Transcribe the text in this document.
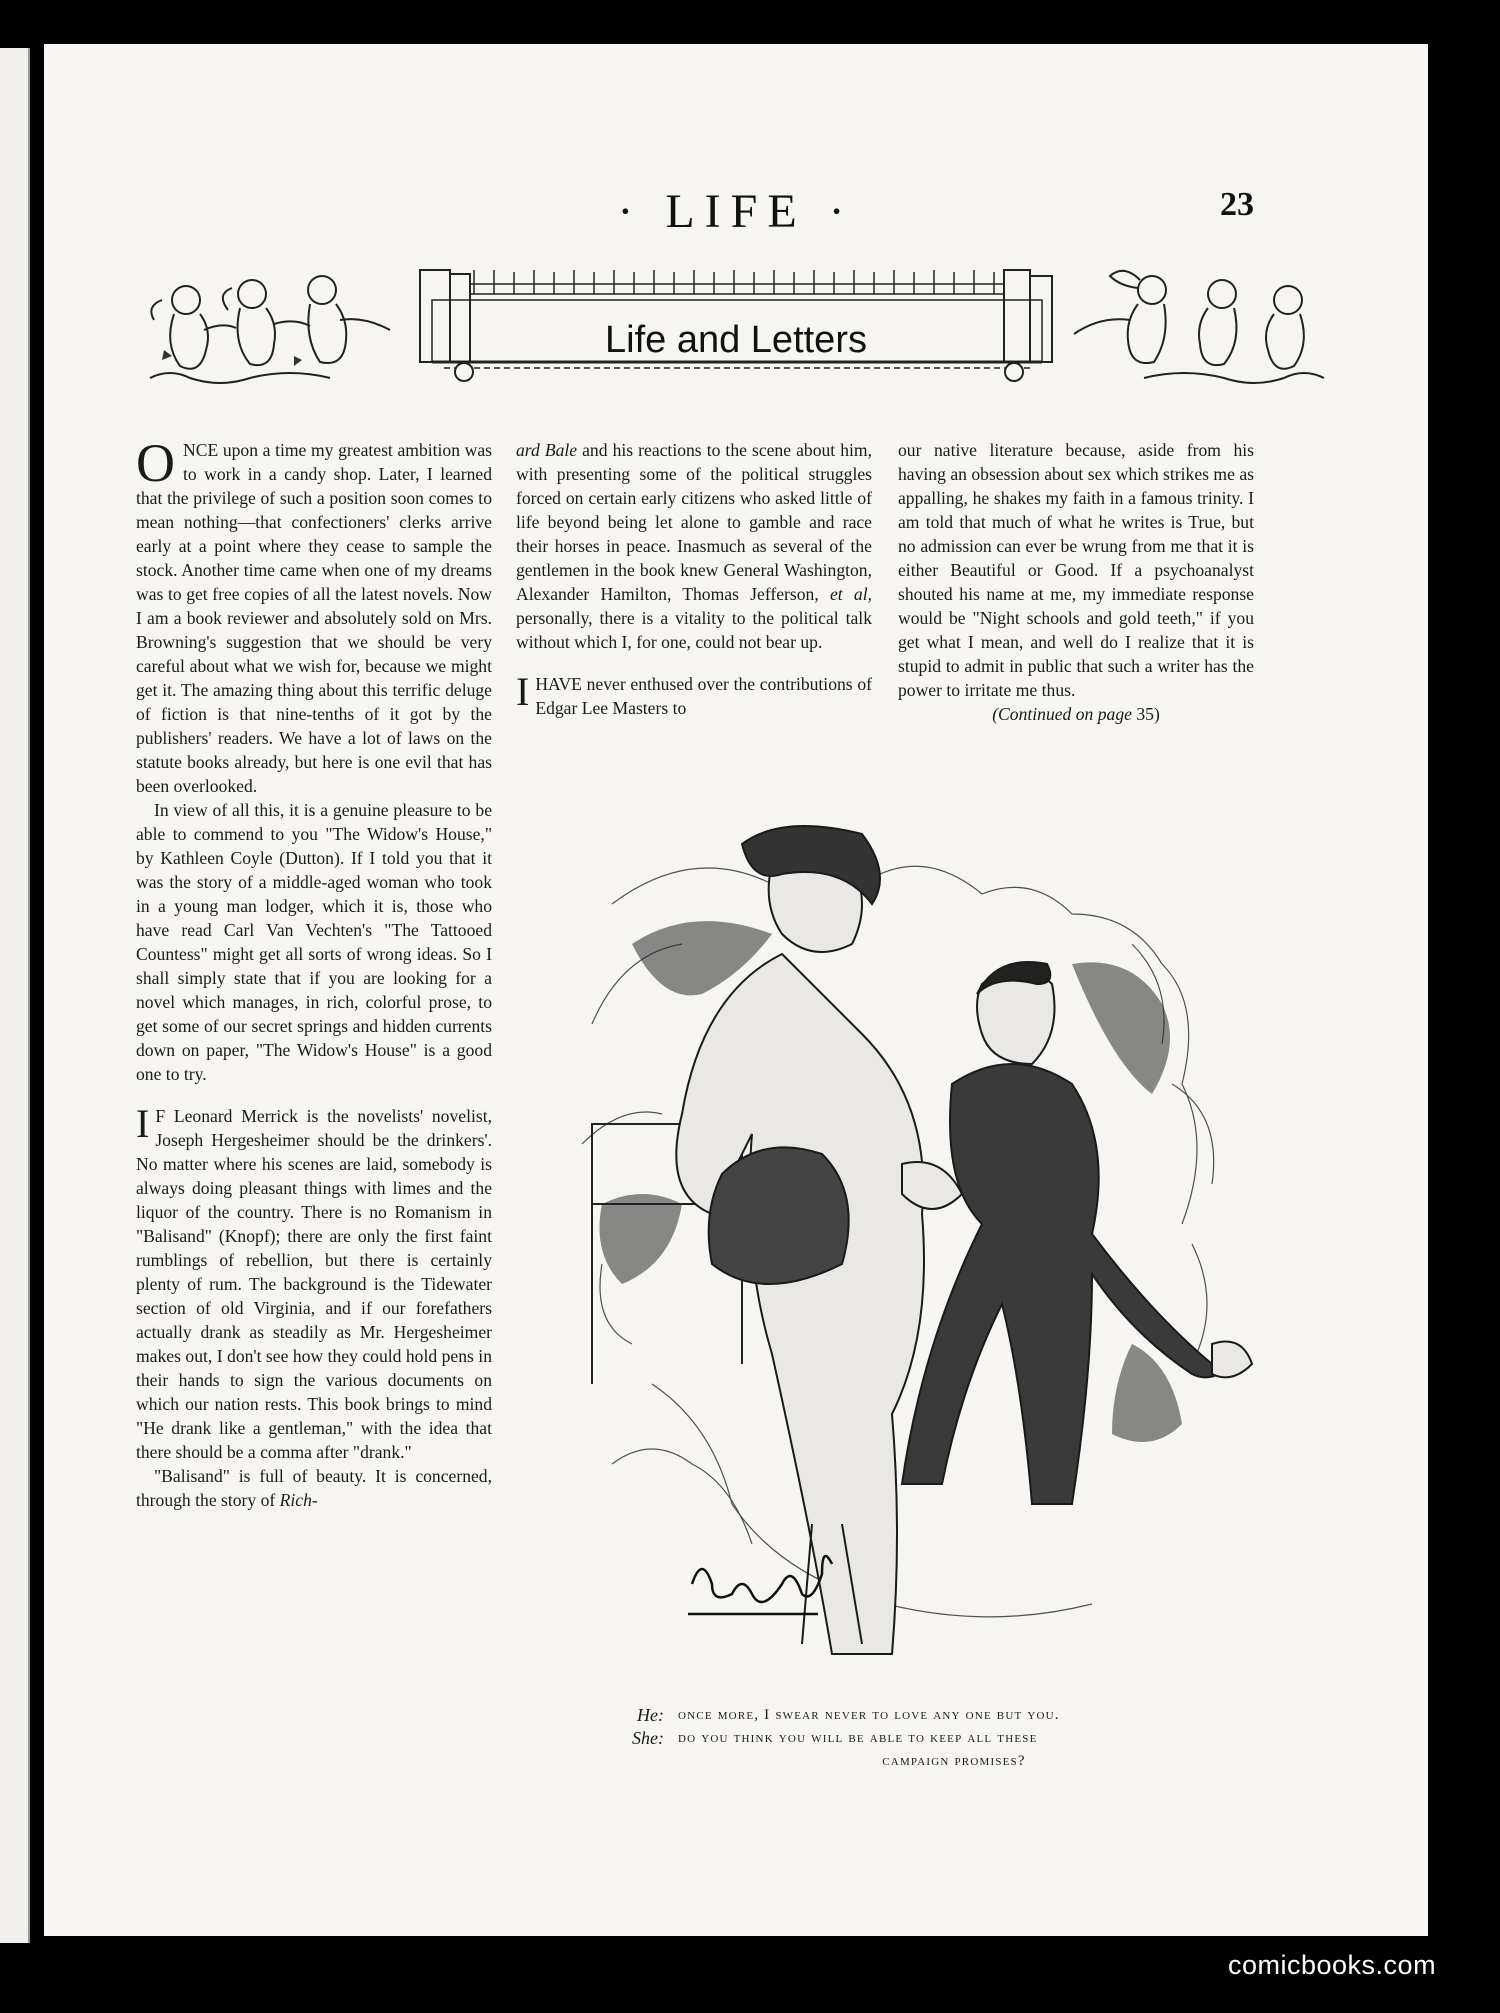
· LIFE ·	23
Life and Letters

ONCE upon a time my greatest ambition was to work in a candy shop. Later, I learned that the privilege of such a position soon comes to mean nothing—that confectioners' clerks arrive early at a point where they cease to sample the stock. Another time came when one of my dreams was to get free copies of all the latest novels. Now I am a book reviewer and absolutely sold on Mrs. Browning's suggestion that we should be very careful about what we wish for, because we might get it. The amazing thing about this terrific deluge of fiction is that nine-tenths of it got by the publishers' readers. We have a lot of laws on the statute books already, but here is one evil that has been overlooked.

In view of all this, it is a genuine pleasure to be able to commend to you "The Widow's House," by Kathleen Coyle (Dutton). If I told you that it was the story of a middle-aged woman who took in a young man lodger, which it is, those who have read Carl Van Vechten's "The Tattooed Countess" might get all sorts of wrong ideas. So I shall simply state that if you are looking for a novel which manages, in rich, colorful prose, to get some of our secret springs and hidden currents down on paper, "The Widow's House" is a good one to try.

I F Leonard Merrick is the novelists' novelist, Joseph Hergesheimer should be the drinkers'. No matter where his scenes are laid, somebody is always doing pleasant things with limes and the liquor of the country. There is no Romanism in "Balisand" (Knopf); there are only the first faint rumblings of rebellion, but there is certainly plenty of rum. The background is the Tidewater section of old Virginia, and if our forefathers actually drank as steadily as Mr. Hergesheimer makes out, I don't see how they could hold pens in their hands to sign the various documents on which our nation rests. This book brings to mind "He drank like a gentleman," with the idea that there should be a comma after "drank."

"Balisand" is full of beauty. It is concerned, through the story of Rich-

ard Bale and his reactions to the scene about him, with presenting some of the political struggles forced on certain early citizens who asked little of life beyond being let alone to gamble and race their horses in peace. Inasmuch as several of the gentlemen in the book knew General Washington, Alexander Hamilton, Thomas Jefferson, et al, personally, there is a vitality to the political talk without which I, for one, could not bear up.

I HAVE never enthused over the contributions of Edgar Lee Masters to

our native literature because, aside from his having an obsession about sex which strikes me as appalling, he shakes my faith in a famous trinity. I am told that much of what he writes is True, but no admission can ever be wrung from me that it is either Beautiful or Good. If a psychoanalyst shouted his name at me, my immediate response would be "Night schools and gold teeth," if you get what I mean, and well do I realize that it is stupid to admit in public that such a writer has the power to irritate me thus.

(Continued on page 35)

He: once more, I swear never to love any one but you.
She: do you think you will be able to keep all these
campaign promises?
comicbooks.com
